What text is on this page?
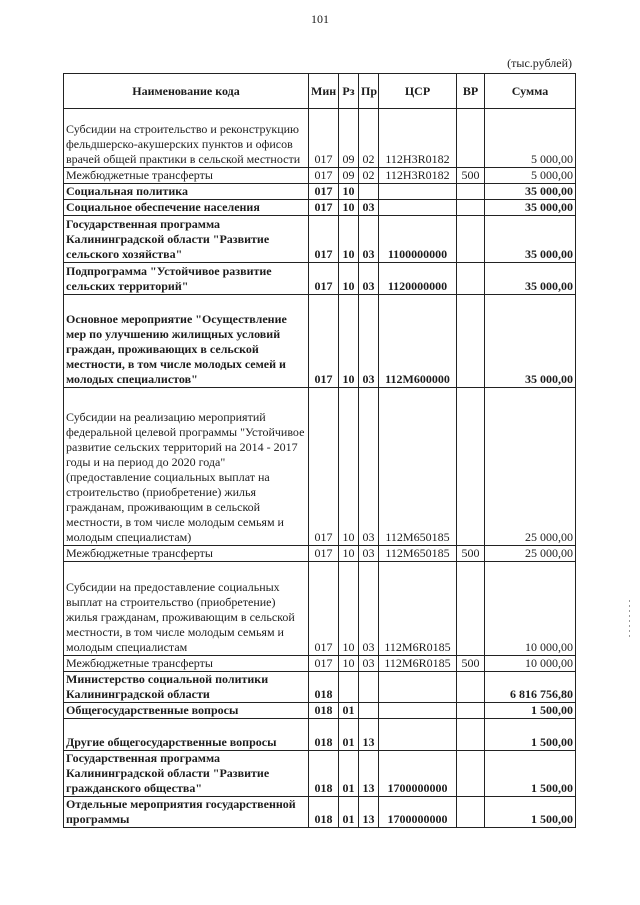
101
(тыс.рублей)
Наименование кода	Мин	Рз	Пр	ЦСР	ВР	Сумма
Субсидии на строительство и реконструкцию фельдшерско-акушерских пунктов и офисов врачей общей практики в сельской местности	017	09	02	112Н3R0182		5 000,00
Межбюджетные трансферты	017	09	02	112Н3R0182	500	5 000,00
Социальная политика	017	10				35 000,00
Социальное обеспечение населения	017	10	03			35 000,00
Государственная программа Калининградской области "Развитие сельского хозяйства"	017	10	03	1100000000		35 000,00
Подпрограмма "Устойчивое развитие сельских территорий"	017	10	03	1120000000		35 000,00
Основное мероприятие "Осуществление мер по улучшению жилищных условий граждан, проживающих в сельской местности, в том числе молодых семей и молодых специалистов"	017	10	03	112М600000		35 000,00
Субсидии на реализацию мероприятий федеральной целевой программы "Устойчивое развитие сельских территорий на 2014 - 2017 годы и на период до 2020 года" (предоставление социальных выплат на строительство (приобретение) жилья гражданам, проживающим в сельской местности, в том числе молодым семьям и молодым специалистам)	017	10	03	112М650185		25 000,00
Межбюджетные трансферты	017	10	03	112М650185	500	25 000,00
Субсидии на предоставление социальных выплат на строительство (приобретение) жилья гражданам, проживающим в сельской местности, в том числе молодым семьям и молодым специалистам	017	10	03	112М6R0185		10 000,00
Межбюджетные трансферты	017	10	03	112М6R0185	500	10 000,00
Министерство социальной политики Калининградской области	018					6 816 756,80
Общегосударственные вопросы	018	01				1 500,00
Другие общегосударственные вопросы	018	01	13			1 500,00
Государственная программа Калининградской области "Развитие гражданского общества"	018	01	13	1700000000		1 500,00
Отдельные мероприятия государственной программы	018	01	13	1700000000		1 500,00
